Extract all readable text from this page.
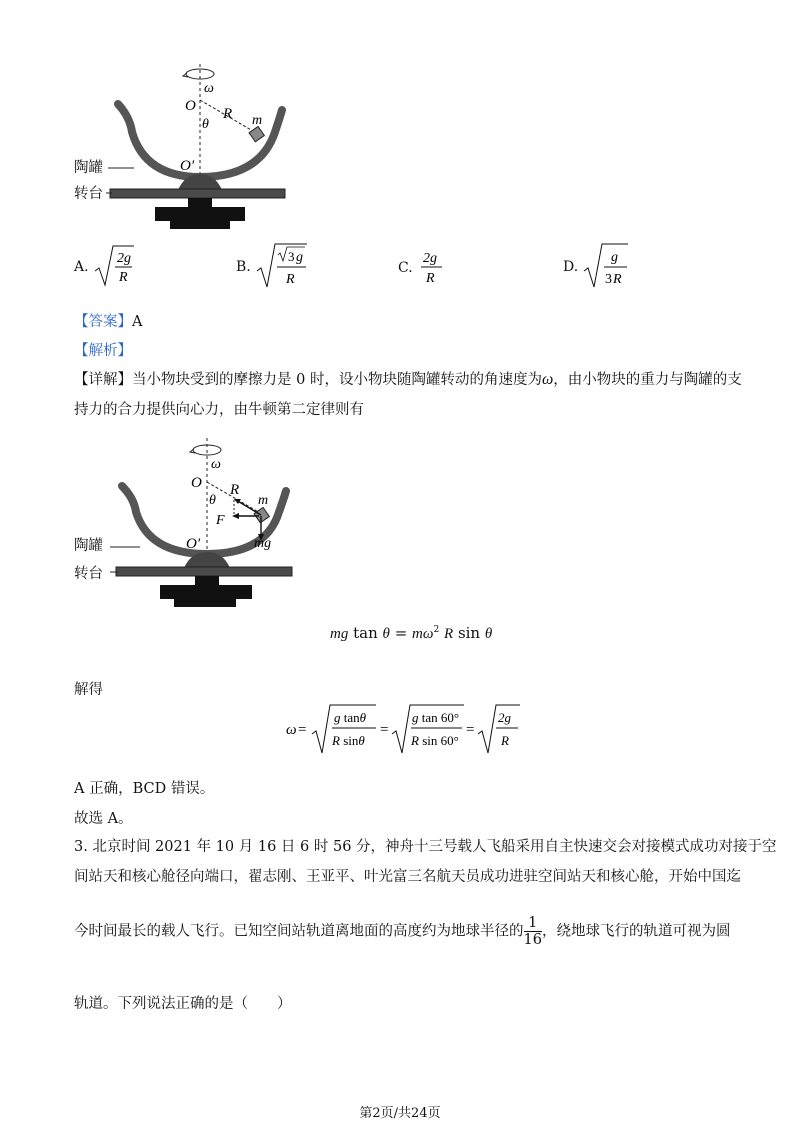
ω
O R
θ	m
O′
陶罐
转台
A.
2g
R
B.
3 g
R
C.
2g
R
D.
g
3 R
【答案】A
【解析】
【详解】当小物块受到的摩擦力是 0 时，设小物块随陶罐转动的角速度为ω，由小物块的重力与陶罐的支
持力的合力提供向心力，由牛顿第二定律则有
ω
O R
θ	m
F
mg
O′
陶罐
转台
mg $\tan \theta = m\omega^2$ R sin θ
解得
ω =
g tanθ
R sinθ
=
g tan 60°
R sin 60°
=
2g
R
A 正确，BCD 错误。
故选 A。
3. 北京时间 2021 年 10 月 16 日 6 时 56 分，神舟十三号载人飞船采用自主快速交会对接模式成功对接于空
间站天和核心舱径向端口，翟志刚、王亚平、叶光富三名航天员成功进驻空间站天和核心舱，开始中国迄
今时间最长的载人飞行。已知空间站轨道离地面的高度约为地球半径的 $\frac{1}{16}$ ，绕地球飞行的轨道可视为圆
轨道。下列说法正确的是（　　）
第2页/共24页
